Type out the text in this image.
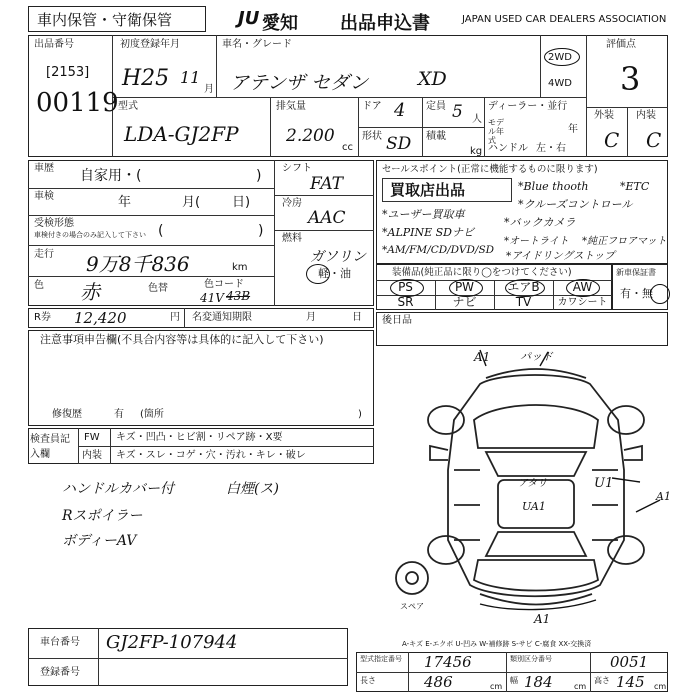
車内保管・守衛保管	JU 愛知 出品申込書	JAPAN USED CAR DEALERS ASSOCIATION
出品番号
[2153]
00119
初度登録年月
H25 11
月
車名・グレード
アテンザ セダン	XD
2WD
4WD
評価点
3
外装 内装
C C
型式
LDA-GJ2FP
排気量
2.200
cc
ドア 4
形状 SD
定員 5 人
積載
kg
ディーラー・並行
モデル年式
年
ハンドル 左・右
車歴 自家用・(	)
車検	年	月( 日)
受検形態
車検付きの場合のみ記入して下さい (	)
走行 9万8千836	km
色 赤	色替	色コード
41V 43B
シフト
FAT
冷房
AAC
燃料
ガソリン
軽・油
R券 12,420	円 名変通知期限	月	日
注意事項申告欄(不具合内容等は具体的に記入して下さい)
修復歴	有 (箇所	)
検査員記入欄
FW キズ・凹凸・ヒビ割・リペア跡・X要
内装 キズ・スレ・コゲ・穴・汚れ・キレ・破レ
ハンドルカバー付
Rスポイラー
ボディーAV
白煙(ス)
セールスポイント(正常に機能するものに限ります)
買取店出品
*ユーザー買取車
*ALPINE SDナビ
*AM/FM/CD/DVD/SD
*Blue thooth	*ETC
*クルーズコントロール
*バックカメラ
*オートライト *純正フロアマット
*アイドリングストップ
装備品(純正品に限り◯をつけてください)
PS	PW	エアB	AW
SR	ナビ	TV	カワシート
新車保証書
有・無
後日品
A1	パッド
アタリ
UA1
U1
A1
A1
スペア
A-キズ E-エクボ U-凹み W-補修跡 S-サビ C-腐食 XX-交換済
車台番号 GJ2FP-107944
登録番号
型式指定番号	類別区分番号
17456	0051
長さ	486	cm
幅 184	cm
高さ 145 cm
